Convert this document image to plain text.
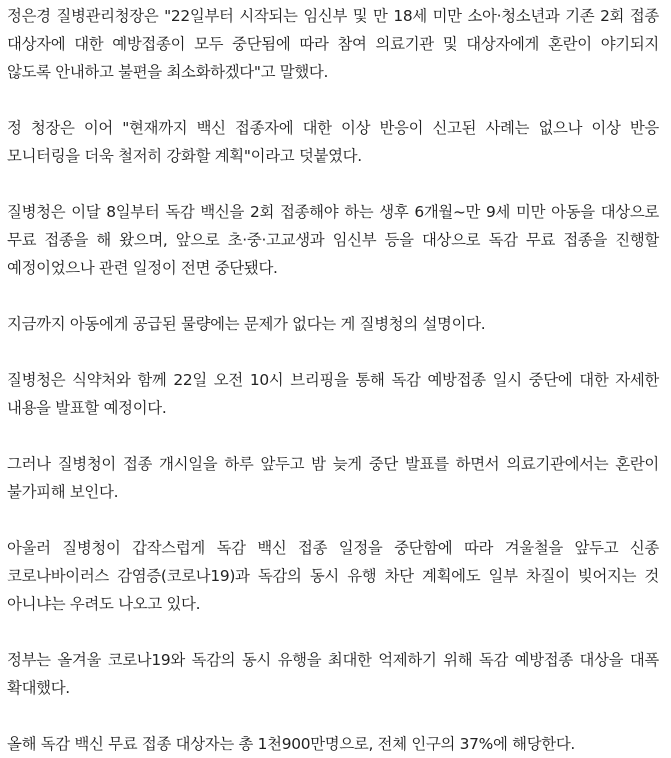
정은경 질병관리청장은 "22일부터 시작되는 임신부 및 만 18세 미만 소아·청소년과 기존 2회 접종 대상자에 대한 예방접종이 모두 중단됨에 따라 참여 의료기관 및 대상자에게 혼란이 야기되지 않도록 안내하고 불편을 최소화하겠다"고 말했다.

정 청장은 이어 "현재까지 백신 접종자에 대한 이상 반응이 신고된 사례는 없으나 이상 반응 모니터링을 더욱 철저히 강화할 계획"이라고 덧붙였다.

질병청은 이달 8일부터 독감 백신을 2회 접종해야 하는 생후 6개월~만 9세 미만 아동을 대상으로 무료 접종을 해 왔으며, 앞으로 초·중·고교생과 임신부 등을 대상으로 독감 무료 접종을 진행할 예정이었으나 관련 일정이 전면 중단됐다.

지금까지 아동에게 공급된 물량에는 문제가 없다는 게 질병청의 설명이다.

질병청은 식약처와 함께 22일 오전 10시 브리핑을 통해 독감 예방접종 일시 중단에 대한 자세한 내용을 발표할 예정이다.

그러나 질병청이 접종 개시일을 하루 앞두고 밤 늦게 중단 발표를 하면서 의료기관에서는 혼란이 불가피해 보인다.

아울러 질병청이 갑작스럽게 독감 백신 접종 일정을 중단함에 따라 겨울철을 앞두고 신종 코로나바이러스 감염증(코로나19)과 독감의 동시 유행 차단 계획에도 일부 차질이 빚어지는 것 아니냐는 우려도 나오고 있다.

정부는 올겨울 코로나19와 독감의 동시 유행을 최대한 억제하기 위해 독감 예방접종 대상을 대폭 확대했다.

올해 독감 백신 무료 접종 대상자는 총 1천900만명으로, 전체 인구의 37%에 해당한다.
